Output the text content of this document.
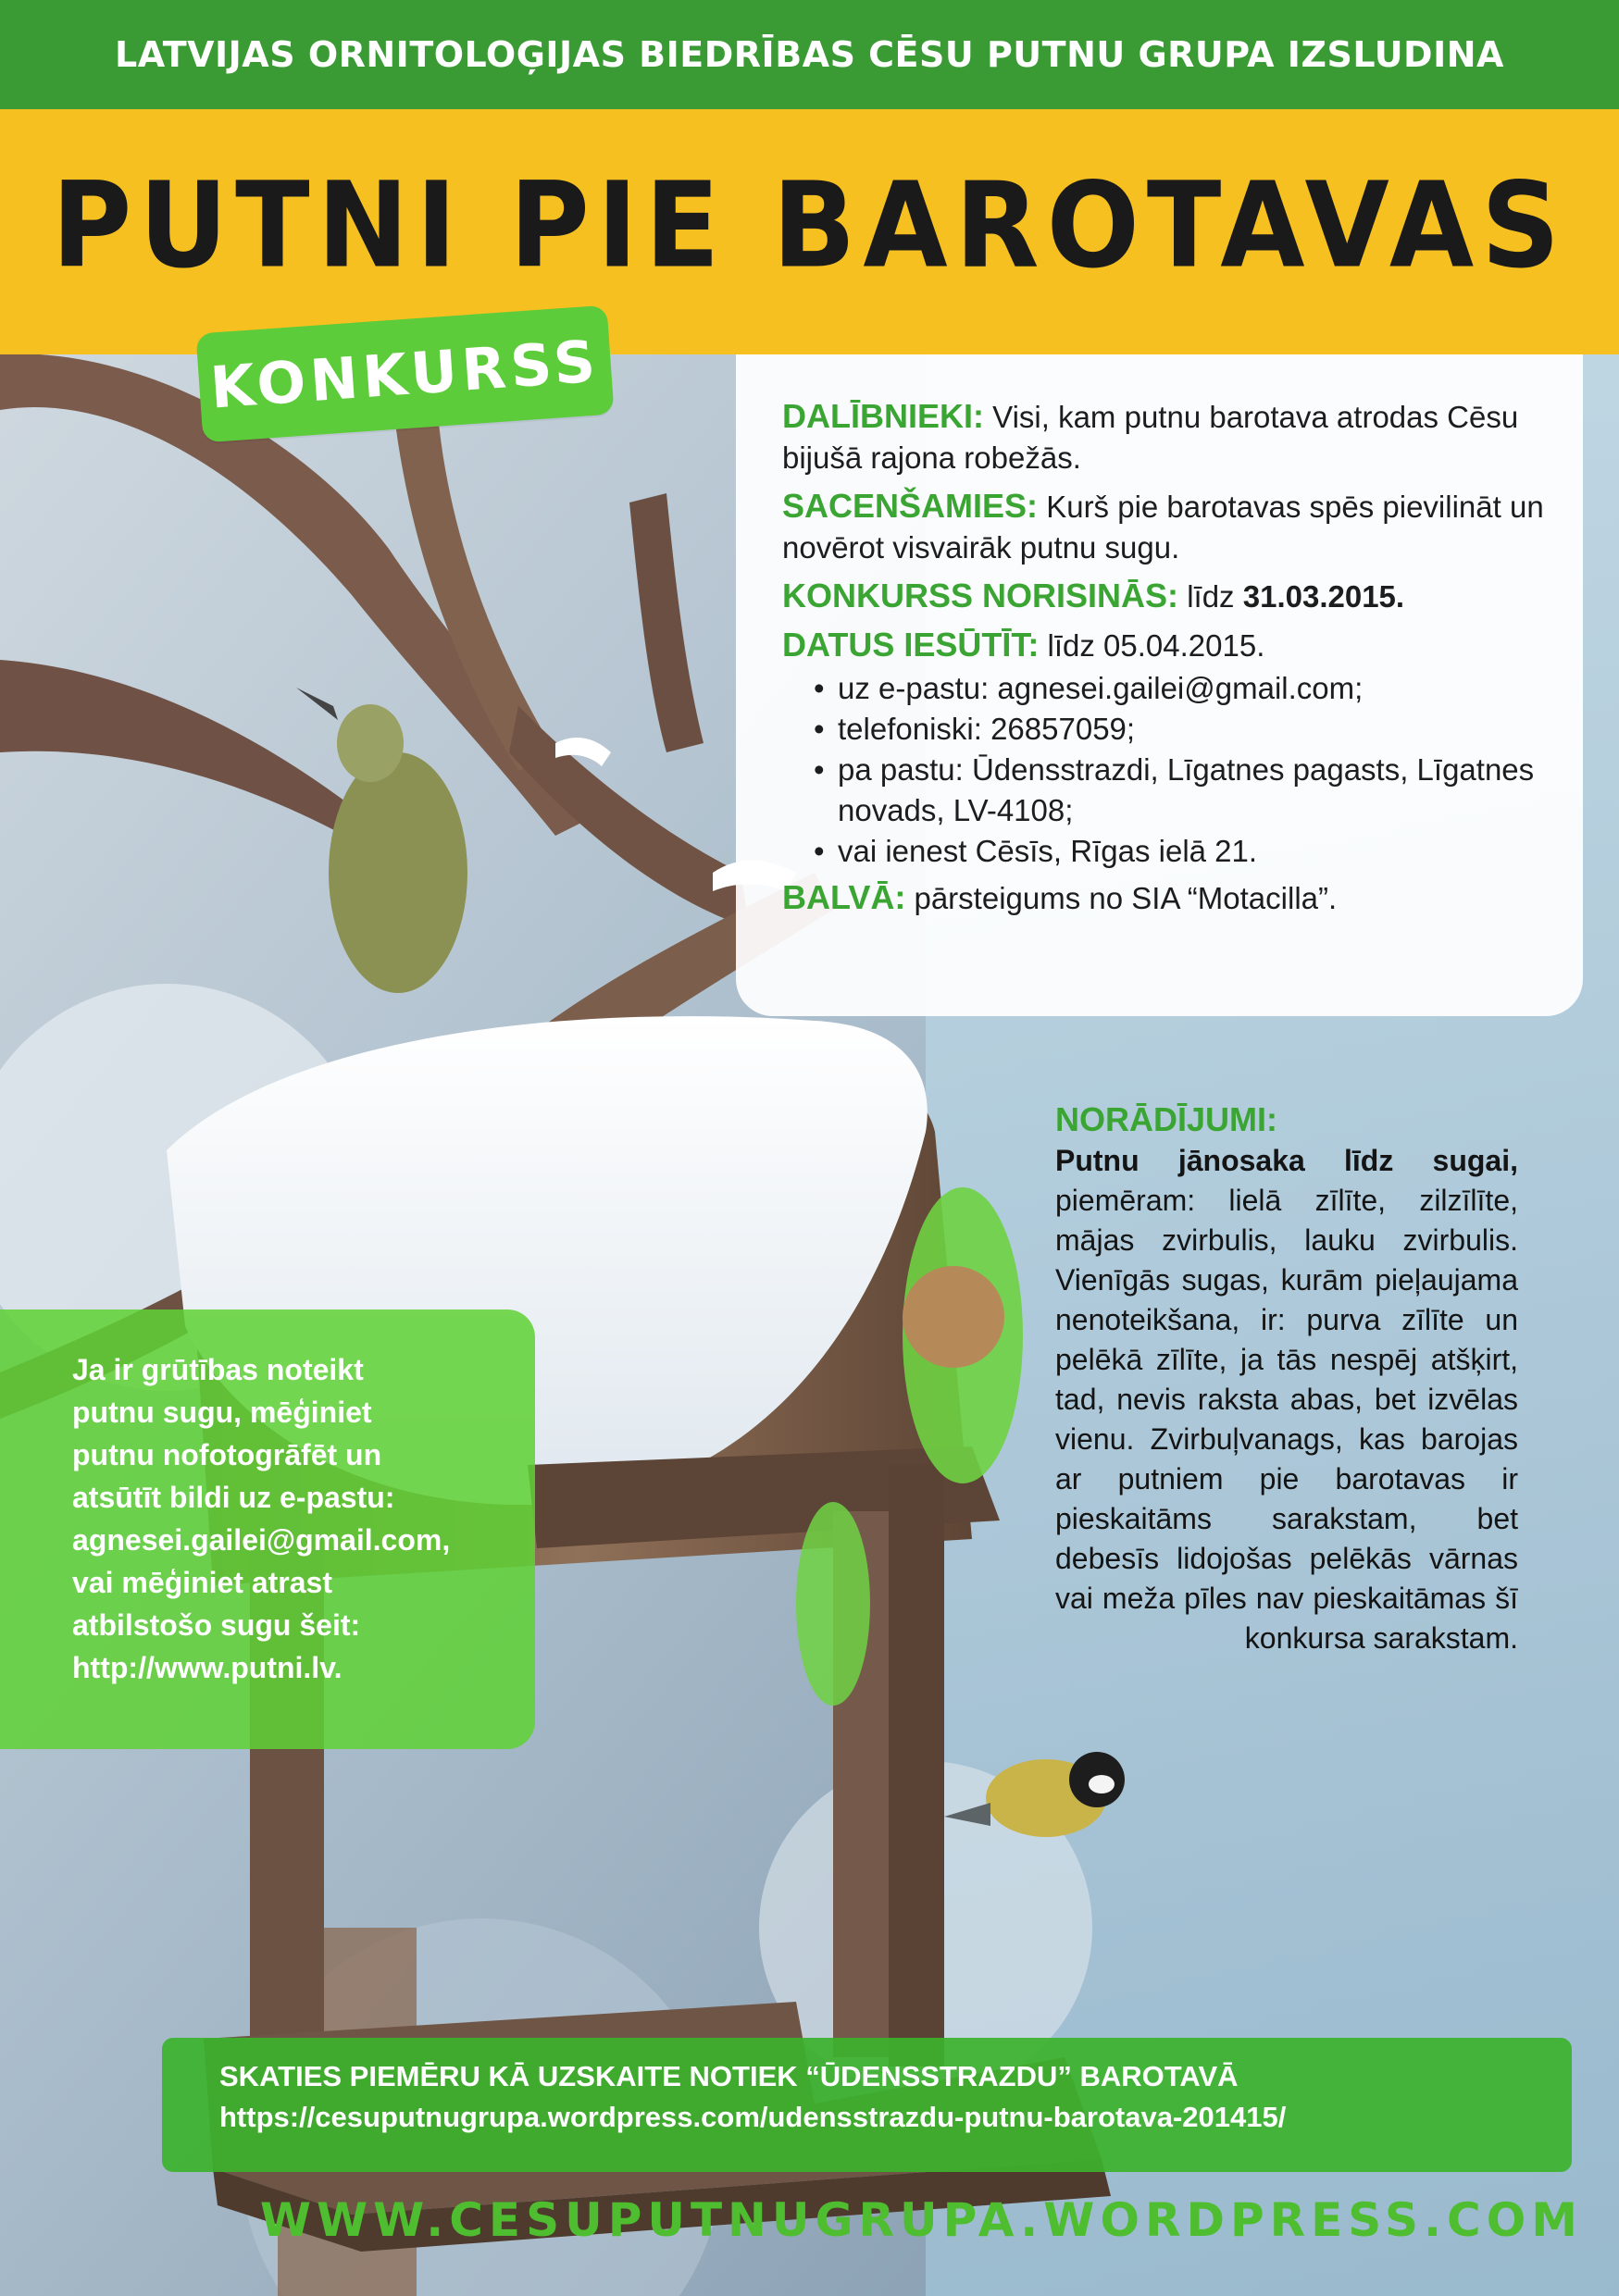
LATVIJAS ORNITOLOĢIJAS BIEDRĪBAS CĒSU PUTNU GRUPA IZSLUDINA
PUTNI PIE BAROTAVAS
KONKURSS	DALĪBNIEKI: Visi, kam putnu barotava atrodas Cēsu bijušā rajona robežās.

SACENŠAMIES: Kurš pie barotavas spēs pievilināt un novērot visvairāk putnu sugu.

KONKURSS NORISINĀS: līdz 31.03.2015.

DATUS IESŪTĪT: līdz 05.04.2015.

• uz e-pastu: agnesei.gailei@gmail.com;
• telefoniski: 26857059;
• pa pastu: Ūdensstrazdi, Līgatnes pagasts, Līgatnes novads, LV-4108;
• vai ienest Cēsīs, Rīgas ielā 21.

BALVĀ: pārsteigums no SIA “Motacilla”.

NORĀDĪJUMI:
Putnu jānosaka līdz sugai, piemēram: lielā zīlīte, zilzīlīte, mājas zvirbulis, lauku zvirbulis. Vienīgās sugas, kurām pieļaujama nenoteikšana, ir: purva zīlīte un pelēkā zīlīte, ja tās nespēj atšķirt, tad, nevis raksta abas, bet izvēlas vienu. Zvirbuļvanags, kas barojas ar putniem pie barotavas ir pieskaitāms sarakstam, bet debesīs lidojošas pelēkās vārnas vai meža pīles nav pieskaitāmas šī konkursa sarakstam.
Ja ir grūtības noteikt
putnu sugu, mēģiniet
putnu nofotogrāfēt un
atsūtīt bildi uz e-pastu:
agnesei.gailei@gmail.com,
vai mēģiniet atrast
atbilstošo sugu šeit:
http://www.putni.lv.
SKATIES PIEMĒRU KĀ UZSKAITE NOTIEK “ŪDENSSTRAZDU” BAROTAVĀ
https://cesuputnugrupa.wordpress.com/udensstrazdu-putnu-barotava-201415/
WWW.CESUPUTNUGRUPA.WORDPRESS.COM
